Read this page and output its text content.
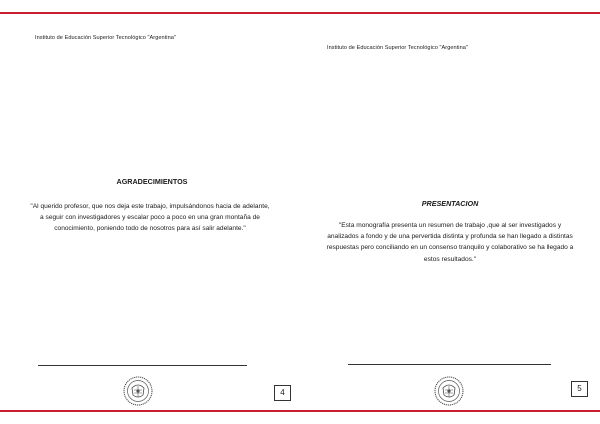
Instituto de Educación Superior Tecnológico "Argentina"
AGRADECIMIENTOS
"Al querido profesor, que nos deja este trabajo, impulsándonos hacia de adelante, a seguir con investigadores y escalar poco a poco en una gran montaña de conocimiento, poniendo todo de nosotros para así salir adelante."
4
Instituto de Educación Superior Tecnológico "Argentina"
PRESENTACION
"Esta monografía presenta un resumen de trabajo ,que al ser investigados y analizados a fondo y de una pervertida distinta y profunda se han llegado a distintas respuestas pero conciliando en un consenso tranquilo y colaborativo se ha llegado a estos resultados."
5
